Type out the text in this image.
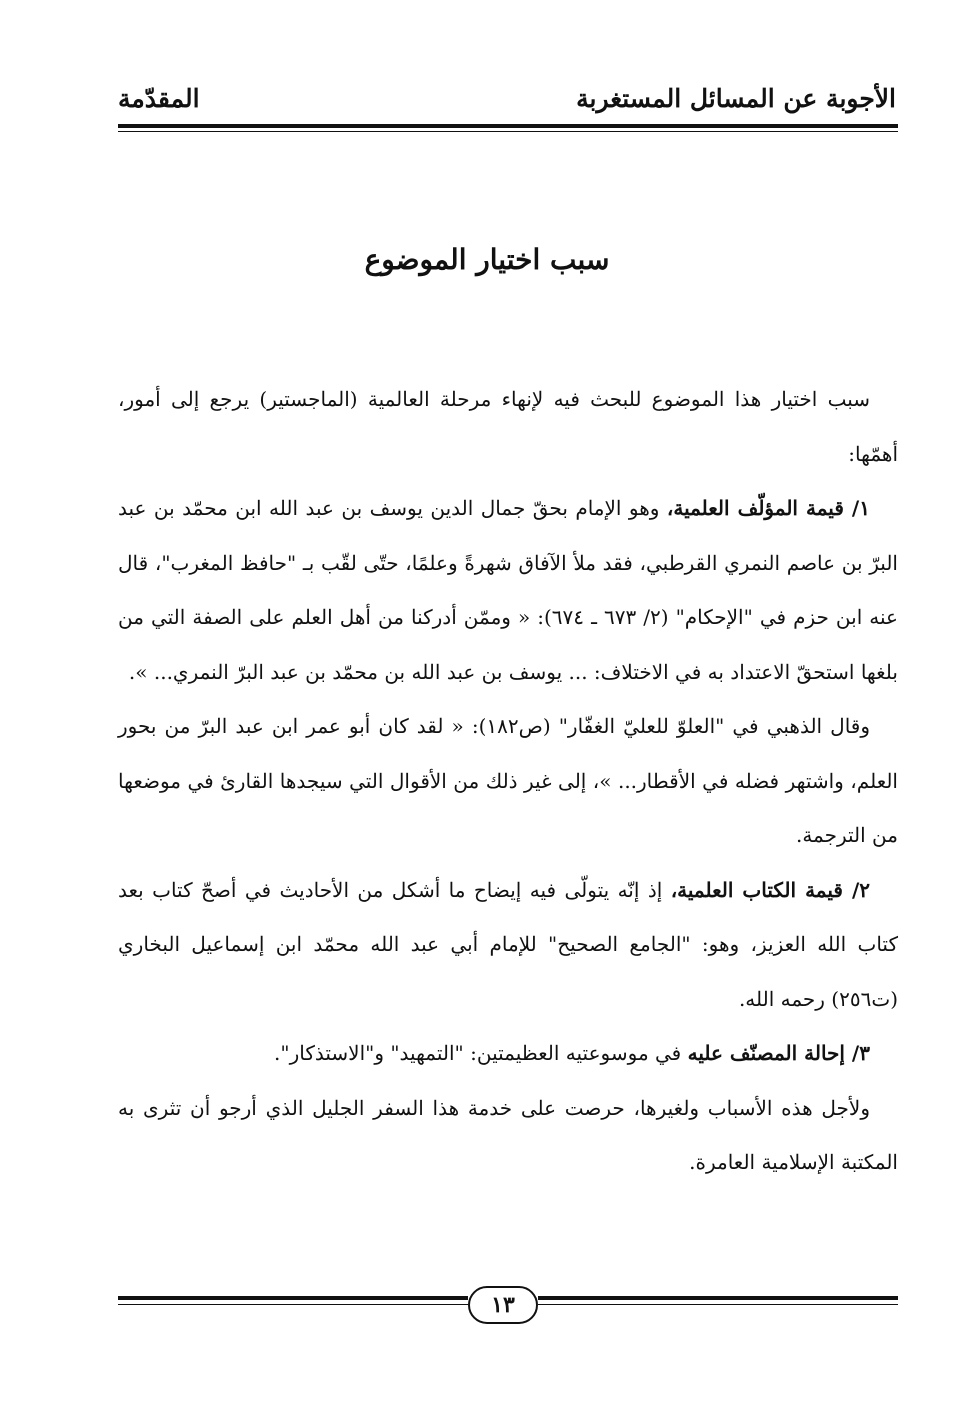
الأجوبة عن المسائل المستغربة
المقدّمة
سبب اختيار الموضوع

سبب اختيار هذا الموضوع للبحث فيه لإنهاء مرحلة العالمية (الماجستير) يرجع إلى أمور، أهمّها:

١/ قيمة المؤلّف العلمية، وهو الإمام بحقّ جمال الدين يوسف بن عبد الله ابن محمّد بن عبد البرّ بن عاصم النمري القرطبي، فقد ملأ الآفاق شهرةً وعلمًا، حتّى لقّب بـ "حافظ المغرب"، قال عنه ابن حزم في "الإحكام" (٢/ ٦٧٣ ـ ٦٧٤): « وممّن أدركنا من أهل العلم على الصفة التي من بلغها استحقّ الاعتداد به في الاختلاف: ... يوسف بن عبد الله بن محمّد بن عبد البرّ النمري... ».

وقال الذهبي في "العلوّ للعليّ الغفّار" (ص١٨٢): « لقد كان أبو عمر ابن عبد البرّ من بحور العلم، واشتهر فضله في الأقطار... »، إلى غير ذلك من الأقوال التي سيجدها القارئ في موضعها من الترجمة.

٢/ قيمة الكتاب العلمية، إذ إنّه يتولّى فيه إيضاح ما أشكل من الأحاديث في أصحّ كتاب بعد كتاب الله العزيز، وهو: "الجامع الصحيح" للإمام أبي عبد الله محمّد ابن إسماعيل البخاري (ت٢٥٦) رحمه الله.

٣/ إحالة المصنّف عليه في موسوعتيه العظيمتين: "التمهيد" و"الاستذكار".

ولأجل هذه الأسباب ولغيرها، حرصت على خدمة هذا السفر الجليل الذي أرجو أن تثرى به المكتبة الإسلامية العامرة.

١٣
